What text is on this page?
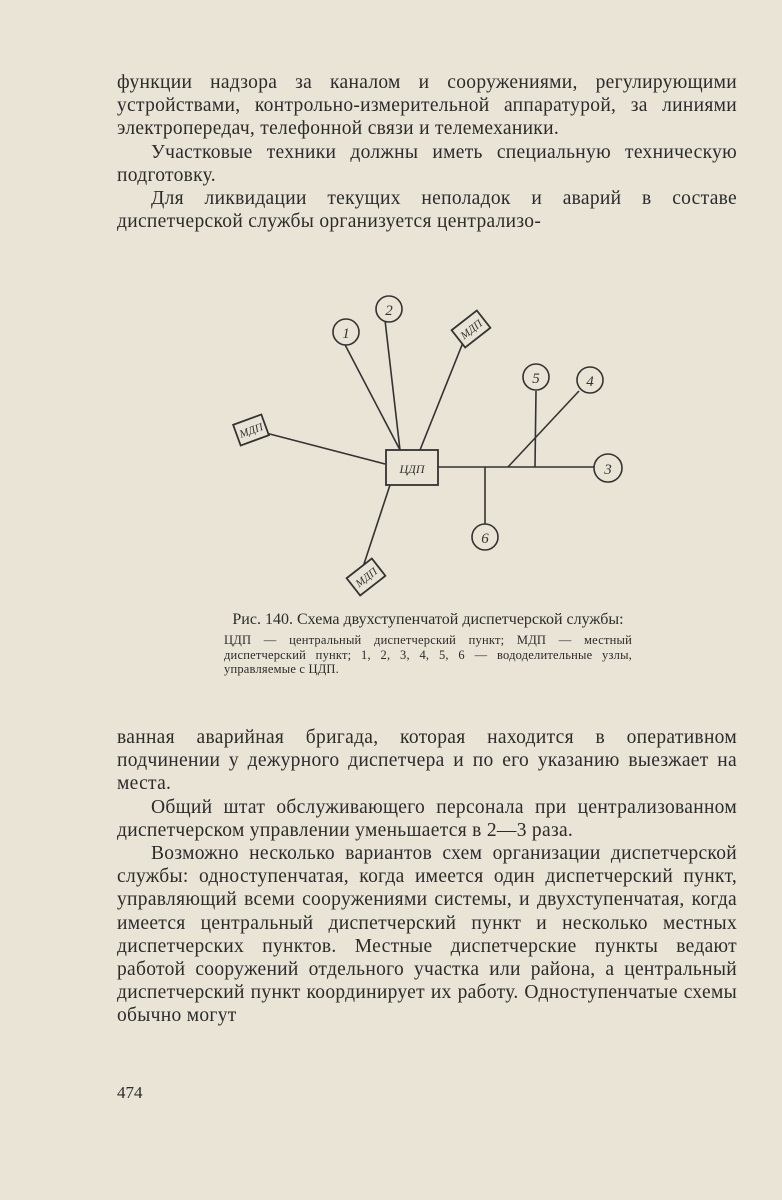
функции надзора за каналом и сооружениями, регулирующими устройствами, контрольно-измерительной аппаратурой, за линиями электропередач, телефонной связи и телемеханики.

Участковые техники должны иметь специальную техническую подготовку.

Для ликвидации текущих неполадок и аварий в составе диспетчерской службы организуется централизо-

ЦДП
МДП
МДП
МДП
1
2
3
4
5
6

Рис. 140. Схема двухступенчатой диспетчерской службы:

ЦДП — центральный диспетчерский пункт; МДП — местный диспетчерский пункт; 1, 2, 3, 4, 5, 6 — вододелительные узлы, управляемые с ЦДП.

ванная аварийная бригада, которая находится в оперативном подчинении у дежурного диспетчера и по его указанию выезжает на места.

Общий штат обслуживающего персонала при централизованном диспетчерском управлении уменьшается в 2—3 раза.

Возможно несколько вариантов схем организации диспетчерской службы: одноступенчатая, когда имеется один диспетчерский пункт, управляющий всеми сооружениями системы, и двухступенчатая, когда имеется центральный диспетчерский пункт и несколько местных диспетчерских пунктов. Местные диспетчерские пункты ведают работой сооружений отдельного участка или района, а центральный диспетчерский пункт координирует их работу. Одноступенчатые схемы обычно могут

474
